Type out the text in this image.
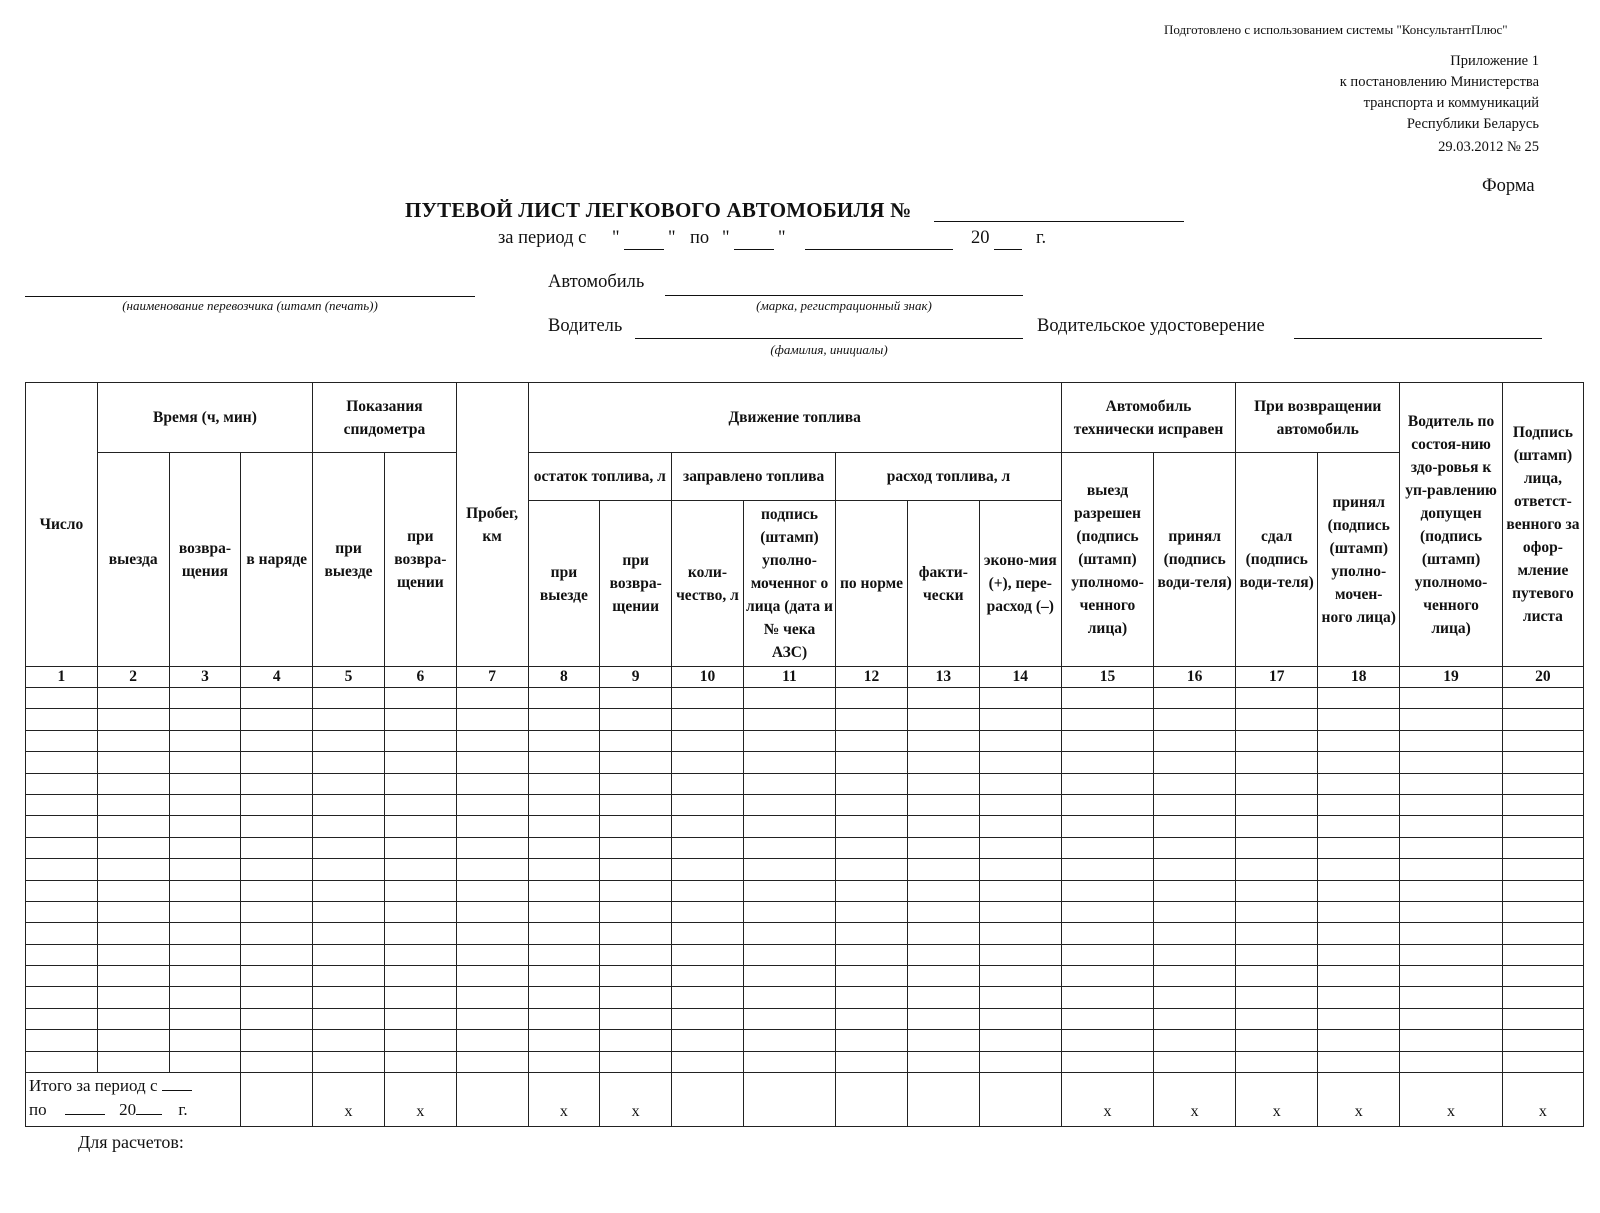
Подготовлено с использованием системы "КонсультантПлюс"
Приложение 1
к постановлению Министерства
транспорта и коммуникаций
Республики Беларусь
29.03.2012 № 25
Форма
ПУТЕВОЙ ЛИСТ ЛЕГКОВОГО АВТОМОБИЛЯ №
за период с "	" по "	"	20	г.
(наименование перевозчика (штамп (печать))
Автомобиль
(марка, регистрационный знак)
Водитель
(фамилия, инициалы)
Водительское удостоверение
Число	Время (ч, мин)			Показания спидометра		Пробег, км	Движение топлива							Автомобиль технически исправен		При возвращении автомобиль		Водитель по состоя-нию здо-ровья к уп-равлению допущен (подпись (штамп) уполномо-ченного лица)	Подпись (штамп) лица, ответст-венного за офор-мление путевого листа
	выезда	возвра-щения	в наряде	при выезде	при возвра-щении		остаток топлива, л		заправлено топлива		расход топлива, л			выезд разрешен (подпись (штамп) уполномо-ченного лица)	принял (подпись води-теля)	сдал (подпись води-теля)	принял (подпись (штамп) уполно-мочен-ного лица)		
							при выезде	при возвра-щении	коли-чество, л	подпись (штамп) уполно-моченног о лица (дата и № чека АЗС)	по норме	факти-чески	эконо-мия (+), пере-расход (–)						
1	2	3	4	5	6	7	8	9	10	11	12	13	14	15	16	17	18	19	20

Итого за период с
по 20 г.				x	x		x	x						x	x	x	x	x	x
Для расчетов:
